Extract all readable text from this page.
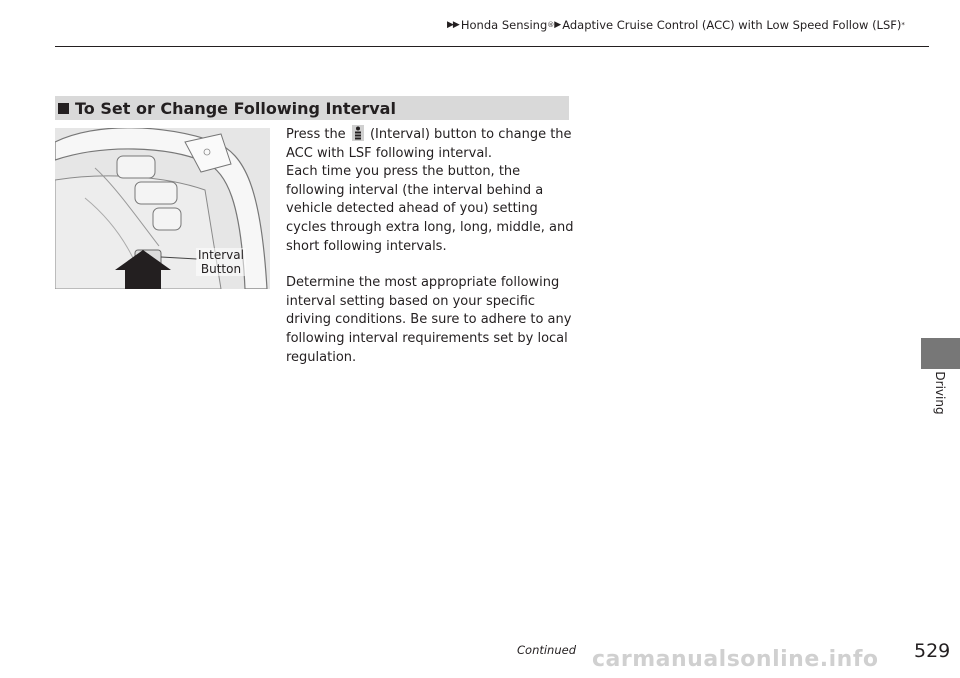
▶▶ Honda Sensing ® ▶ Adaptive Cruise Control (ACC) with Low Speed Follow (LSF) *
To Set or Change Following Interval
Interval
Button

Press the (Interval) button to change the ACC with LSF following interval.

Each time you press the button, the following interval (the interval behind a vehicle detected ahead of you) setting cycles through extra long, long, middle, and short following intervals.

Determine the most appropriate following interval setting based on your specific driving conditions. Be sure to adhere to any following interval requirements set by local regulation.

Driving
Continued carmanualsonline.info 529
